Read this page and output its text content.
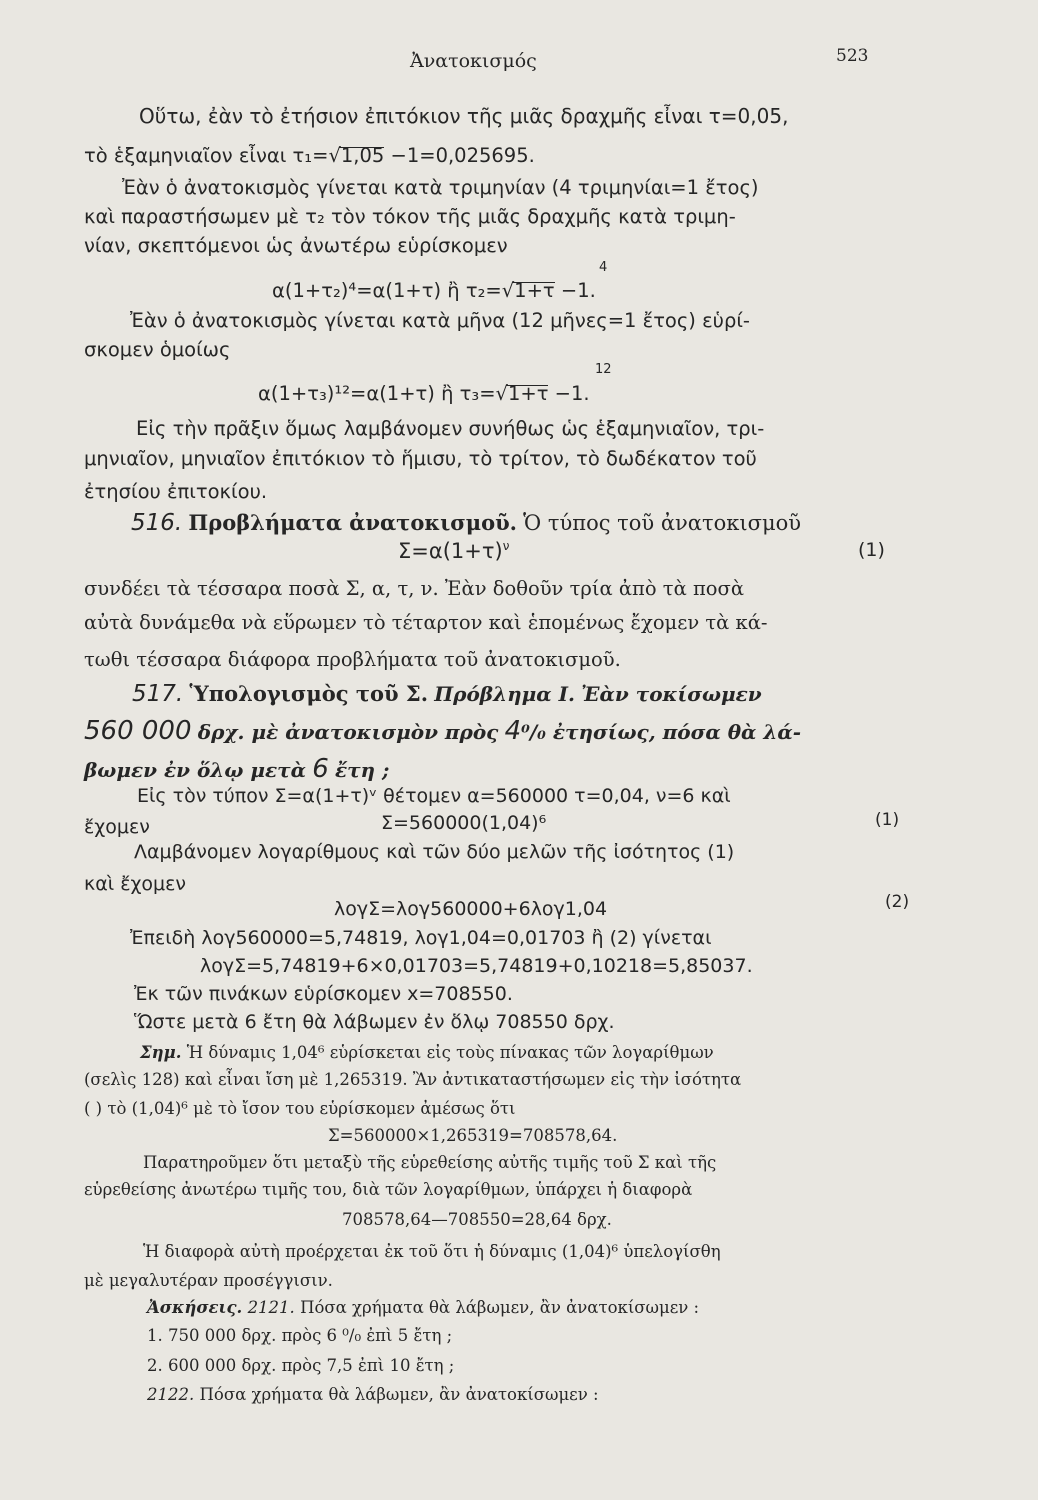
Ἀνατοκισμός	523
Οὕτω, ἐὰν τὸ ἐτήσιον ἐπιτόκιον τῆς μιᾶς δραχμῆς εἶναι τ=0,05,
τὸ ἑξαμηνιαῖον εἶναι τ₁=√1,05 −1=0,025695.
Ἐὰν ὁ ἀνατοκισμὸς γίνεται κατὰ τριμηνίαν (4 τριμηνίαι=1 ἔτος)
καὶ παραστήσωμεν μὲ τ₂ τὸν τόκον τῆς μιᾶς δραχμῆς κατὰ τριμη-
νίαν, σκεπτόμενοι ὡς ἀνωτέρω εὑρίσκομεν
4
α(1+τ₂)⁴=α(1+τ) ἢ τ₂=√1+τ −1.
Ἐὰν ὁ ἀνατοκισμὸς γίνεται κατὰ μῆνα (12 μῆνες=1 ἔτος) εὑρί-
σκομεν ὁμοίως
12
α(1+τ₃)¹²=α(1+τ) ἢ τ₃=√1+τ −1.
Εἰς τὴν πρᾶξιν ὅμως λαμβάνομεν συνήθως ὡς ἑξαμηνιαῖον, τρι-
μηνιαῖον, μηνιαῖον ἐπιτόκιον τὸ ἥμισυ, τὸ τρίτον, τὸ δωδέκατον τοῦ
ἐτησίου ἐπιτοκίου.
516. Προβλήματα ἀνατοκισμοῦ. Ὁ τύπος τοῦ ἀνατοκισμοῦ
$\Sigma=\alpha(1+\tau)^\nu$	(1)
συνδέει τὰ τέσσαρα ποσὰ Σ, α, τ, ν. Ἐὰν δοθοῦν τρία ἀπὸ τὰ ποσὰ
αὐτὰ δυνάμεθα νὰ εὕρωμεν τὸ τέταρτον καὶ ἑπομένως ἔχομεν τὰ κά-
τωθι τέσσαρα διάφορα προβλήματα τοῦ ἀνατοκισμοῦ.
517. Ὑπολογισμὸς τοῦ Σ. Πρόβλημα Ι. Ἐὰν τοκίσωμεν
560 000 δρχ. μὲ ἀνατοκισμὸν πρὸς 4⁰/₀ ἐτησίως, πόσα θὰ λά-
βωμεν ἐν ὅλῳ μετὰ 6 ἔτη ;
Εἰς τὸν τύπον Σ=α(1+τ)ᵛ θέτομεν α=560000 τ=0,04, ν=6 καὶ
ἔχομεν	Σ=560000(1,04)⁶	(1)
Λαμβάνομεν λογαρίθμους καὶ τῶν δύο μελῶν τῆς ἰσότητος (1)
καὶ ἔχομεν
λογΣ=λογ560000+6λογ1,04	(2)
Ἐπειδὴ λογ560000=5,74819, λογ1,04=0,01703 ἢ (2) γίνεται
λογΣ=5,74819+6×0,01703=5,74819+0,10218=5,85037.
Ἐκ τῶν πινάκων εὑρίσκομεν x=708550.
Ὥστε μετὰ 6 ἔτη θὰ λάβωμεν ἐν ὅλῳ 708550 δρχ.
Σημ. Ἡ δύναμις 1,04⁶ εὑρίσκεται εἰς τοὺς πίνακας τῶν λογαρίθμων
(σελὶς 128) καὶ εἶναι ἴση μὲ 1,265319. Ἂν ἀντικαταστήσωμεν εἰς τὴν ἰσότητα
( ) τὸ (1,04)⁶ μὲ τὸ ἴσον του εὑρίσκομεν ἀμέσως ὅτι
Σ=560000×1,265319=708578,64.
Παρατηροῦμεν ὅτι μεταξὺ τῆς εὑρεθείσης αὐτῆς τιμῆς τοῦ Σ καὶ τῆς
εὑρεθείσης ἀνωτέρω τιμῆς του, διὰ τῶν λογαρίθμων, ὑπάρχει ἡ διαφορὰ
708578,64—708550=28,64 δρχ.
Ἡ διαφορὰ αὐτὴ προέρχεται ἐκ τοῦ ὅτι ἡ δύναμις (1,04)⁶ ὑπελογίσθη
μὲ μεγαλυτέραν προσέγγισιν.
Ἀσκήσεις. 2121. Πόσα χρήματα θὰ λάβωμεν, ἂν ἀνατοκίσωμεν :
1. 750 000 δρχ. πρὸς 6 ⁰/₀ ἐπὶ 5 ἔτη ;
2. 600 000 δρχ. πρὸς 7,5 ἐπὶ 10 ἔτη ;
2122. Πόσα χρήματα θὰ λάβωμεν, ἂν ἀνατοκίσωμεν :
